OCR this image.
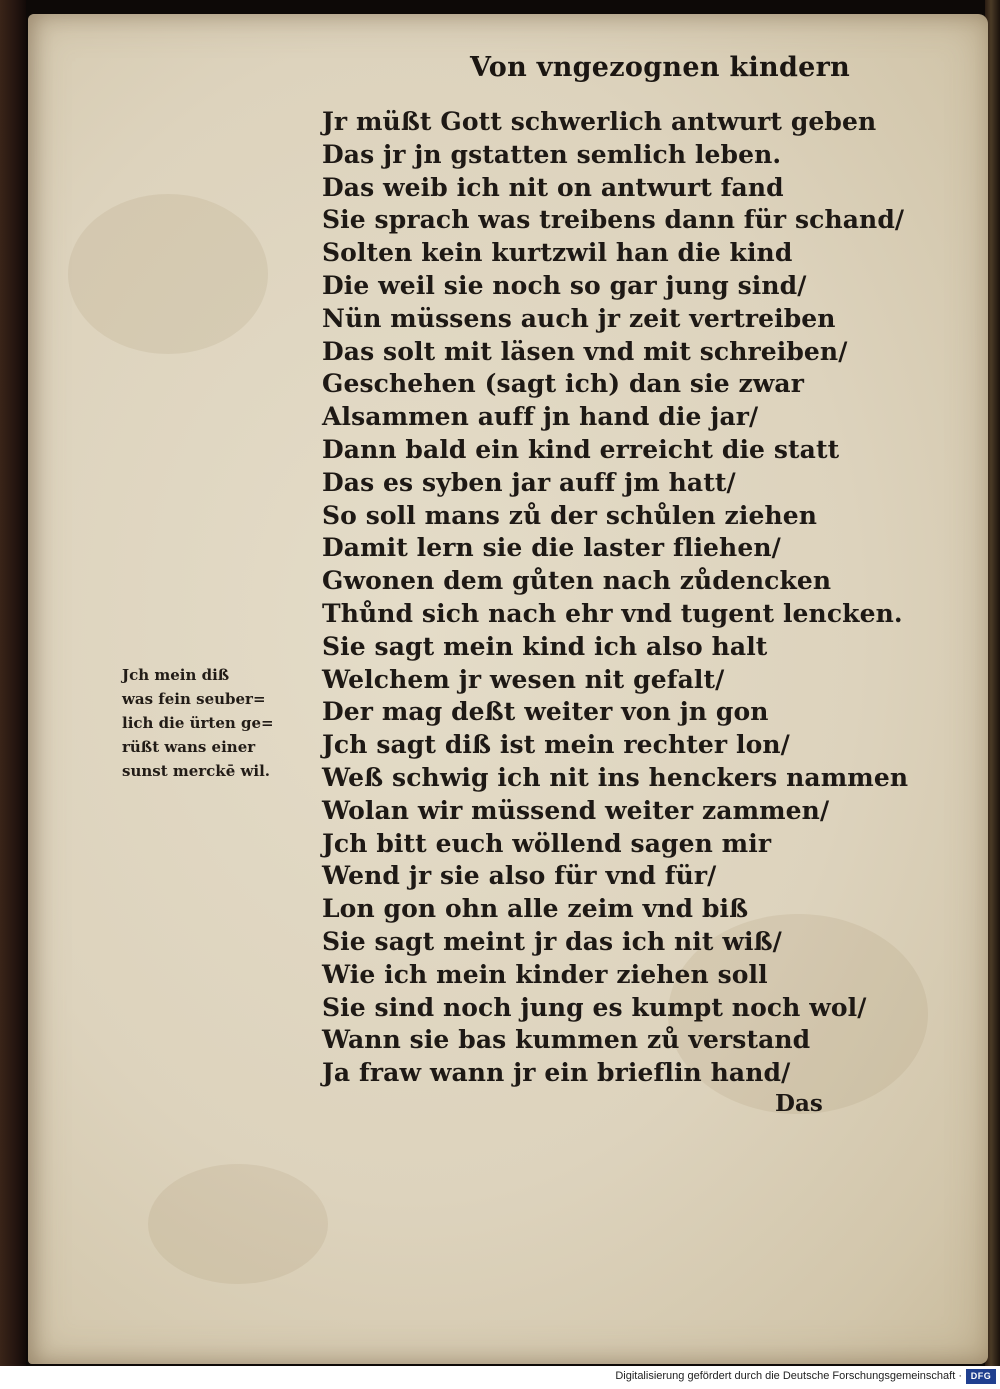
Von vngezognen kindern
Jr müßt Gott schwerlich antwurt geben
Das jr jn gstatten semlich leben.
Das weib ich nit on antwurt fand
Sie sprach was treibens dann für schand/
Solten kein kurtzwil han die kind
Die weil sie noch so gar jung sind/
Nün müssens auch jr zeit vertreiben
Das solt mit läsen vnd mit schreiben/
Geschehen (sagt ich) dan sie zwar
Alsammen auff jn hand die jar/
Dann bald ein kind erreicht die statt
Das es syben jar auff jm hatt/
So soll mans zů der schůlen ziehen
Damit lern sie die laster fliehen/
Gwonen dem gůten nach zůdencken
Thůnd sich nach ehr vnd tugent lencken.
Sie sagt mein kind ich also halt
Welchem jr wesen nit gefalt/
Der mag deßt weiter von jn gon
Jch sagt diß ist mein rechter lon/
Weß schwig ich nit ins henckers nammen
Wolan wir müssend weiter zammen/
Jch bitt euch wöllend sagen mir
Wend jr sie also für vnd für/
Lon gon ohn alle zeim vnd biß
Sie sagt meint jr das ich nit wiß/
Wie ich mein kinder ziehen soll
Sie sind noch jung es kumpt noch wol/
Wann sie bas kummen zů verstand
Ja fraw wann jr ein brieflin hand/
Jch mein diß
was fein seuber=
lich die ürten ge=
rüßt wans einer
sunst merckē wil.
Das
Digitalisierung gefördert durch die Deutsche Forschungsgemeinschaft · DFG
